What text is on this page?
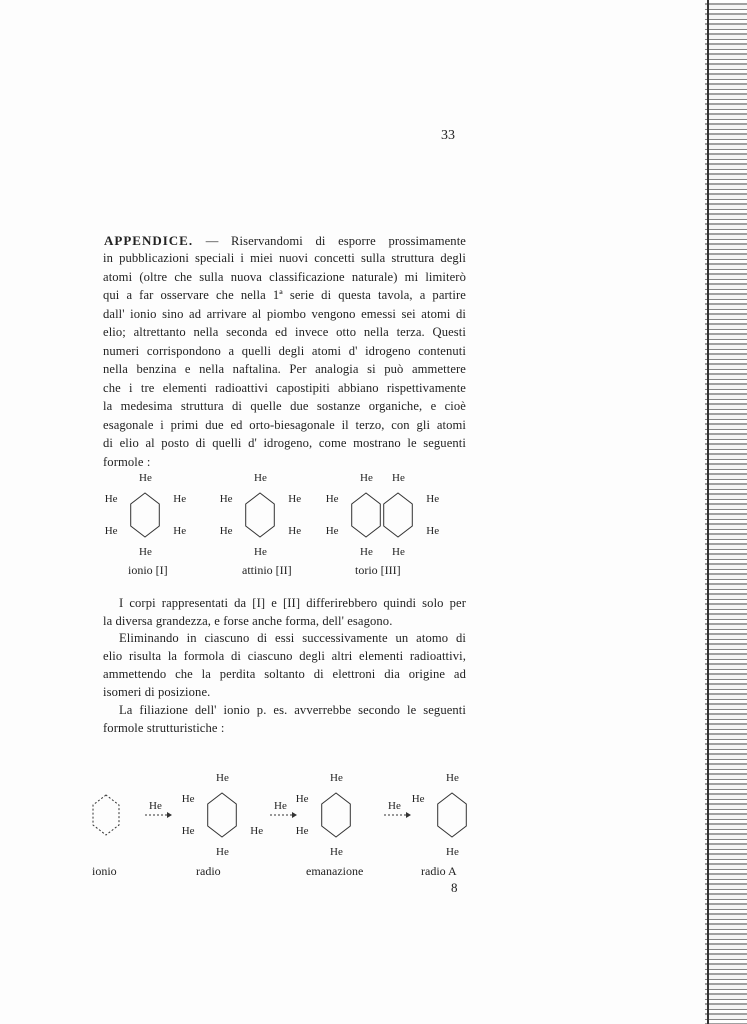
33
APPENDICE. — Riservandomi di esporre prossimamente
in pubblicazioni speciali i miei nuovi concetti sulla struttura degli
atomi (oltre che sulla nuova classificazione naturale) mi limiterò
qui a far osservare che nella 1ª serie di questa tavola, a partire
dall' ionio sino ad arrivare al piombo vengono emessi sei atomi di
elio; altrettanto nella seconda ed invece otto nella terza. Questi
numeri corrispondono a quelli degli atomi d' idrogeno contenuti
nella benzina e nella naftalina. Per analogia si può ammettere
che i tre elementi radioattivi capostipiti abbiano rispettivamente
la medesima struttura di quelle due sostanze organiche, e cioè
esagonale i primi due ed orto-biesagonale il terzo, con gli atomi
di elio al posto di quelli d' idrogeno, come mostrano le seguenti
formole :
He
He
He
He
He
He
He
He
He
He
He
He
He
He
He
He
He
He
He
He
He
He
He
He
He
He
He
He
He
He
He
He
He
He
He
ionio [I]	attinio [II]	torio [III]
I corpi rappresentati da [I] e [II] differirebbero quindi solo per
la diversa grandezza, e forse anche forma, dell' esagono.
Eliminando in ciascuno di essi successivamente un atomo di
elio risulta la formola di ciascuno degli altri elementi radioattivi,
ammettendo che la perdita soltanto di elettroni dia origine ad
isomeri di posizione.
La filiazione dell' ionio p. es. avverrebbe secondo le seguenti
formole strutturistiche :
ionio	radio	emanazione	radio A
8
